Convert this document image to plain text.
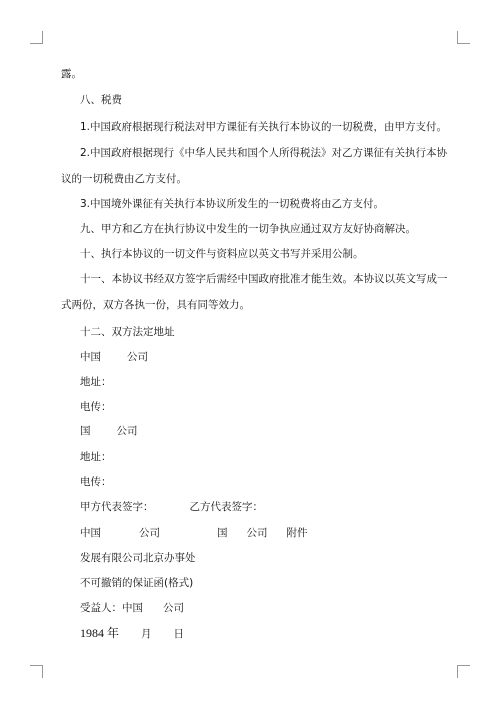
露。
八、税费
1.中国政府根据现行税法对甲方课征有关执行本协议的一切税费，由甲方支付。
2.中国政府根据现行《中华人民共和国个人所得税法》对乙方课征有关执行本协
议的一切税费由乙方支付。
3.中国境外课征有关执行本协议所发生的一切税费将由乙方支付。
九、甲方和乙方在执行协议中发生的一切争执应通过双方友好协商解决。
十、执行本协议的一切文件与资料应以英文书写并采用公制。
十一、本协议书经双方签字后需经中国政府批准才能生效。本协议以英文写成一
式两份，双方各执一份，具有同等效力。
十二、双方法定地址
中国 公司
地址：
电传：
国 公司
地址：
电传：
甲方代表签字：	乙方代表签字：
中国	公司	国 公司 附件
发展有限公司北京办事处
不可撤销的保证函(格式)
受益人：中国 公司
1984 年 月 日
